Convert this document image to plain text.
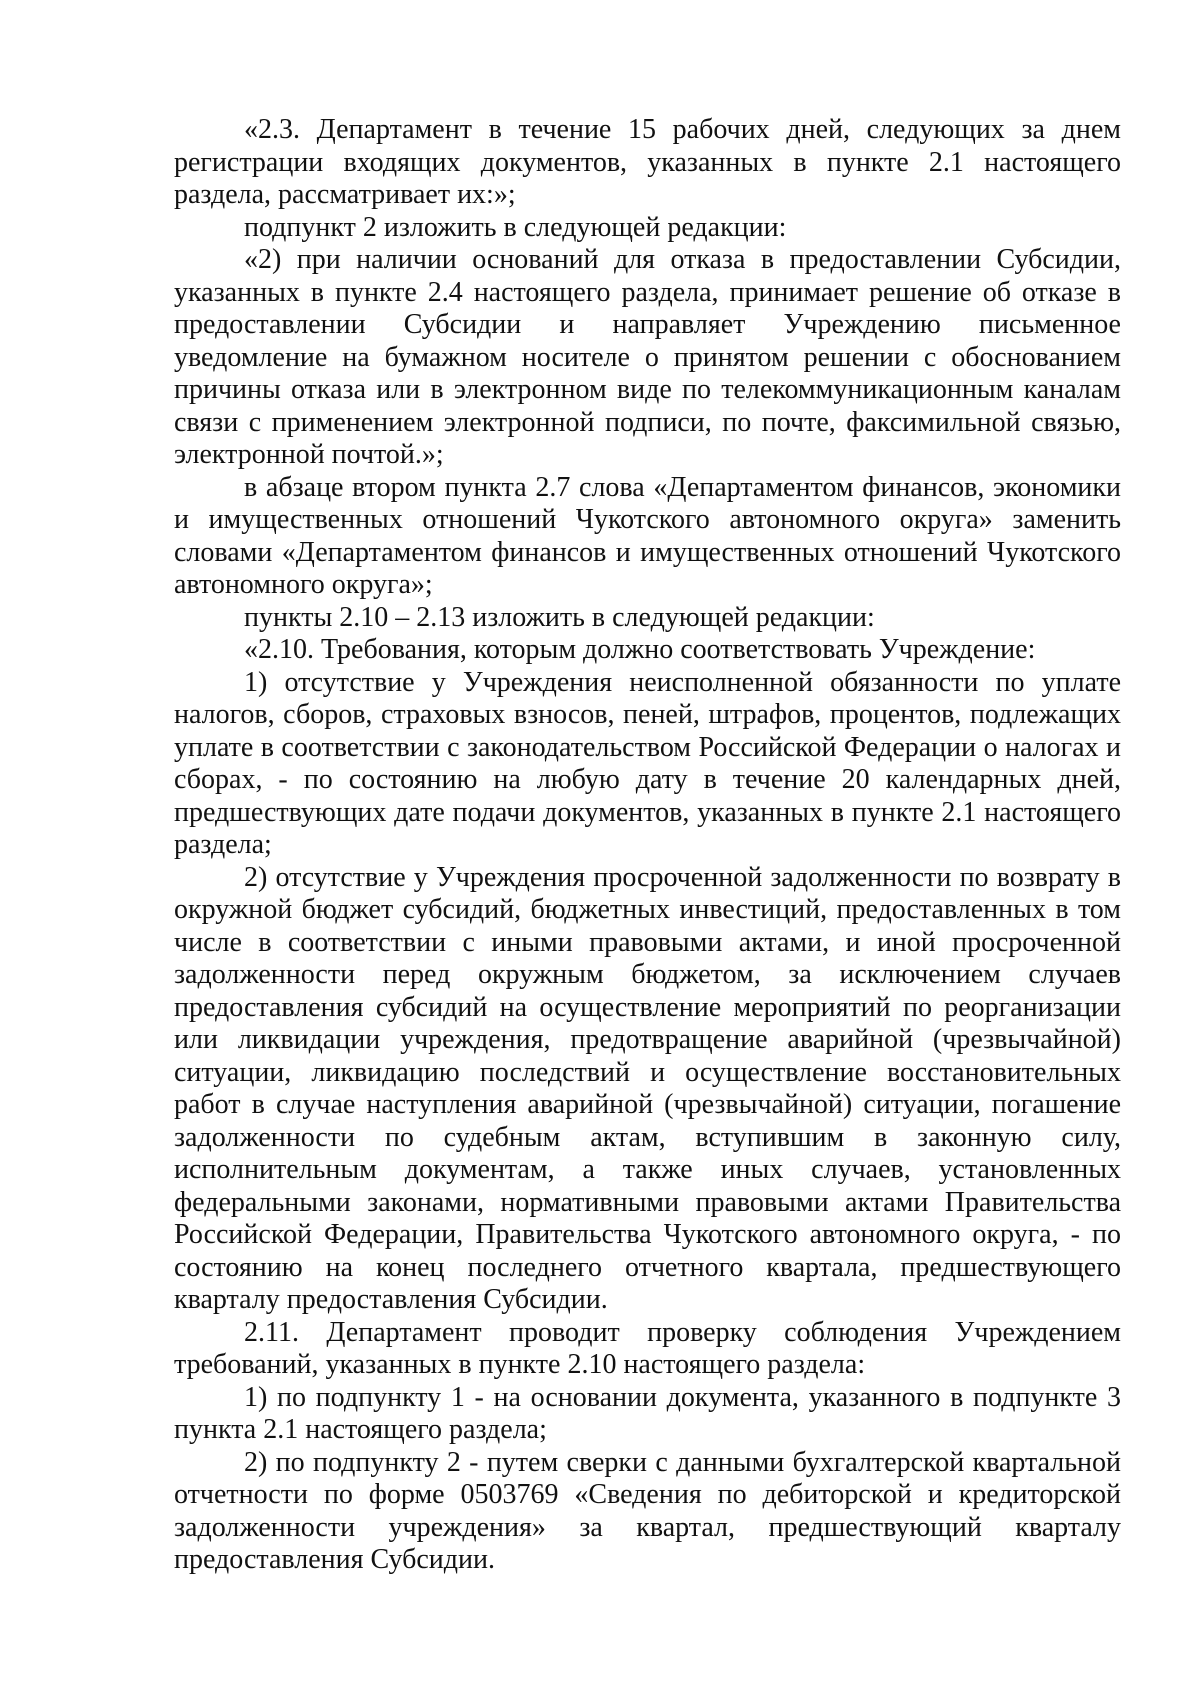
«2.3. Департамент в течение 15 рабочих дней, следующих за днем регистрации входящих документов, указанных в пункте 2.1 настоящего раздела, рассматривает их:»;

подпункт 2 изложить в следующей редакции:

«2) при наличии оснований для отказа в предоставлении Субсидии, указанных в пункте 2.4 настоящего раздела, принимает решение об отказе в предоставлении Субсидии и направляет Учреждению письменное уведомление на бумажном носителе о принятом решении с обоснованием причины отказа или в электронном виде по телекоммуникационным каналам связи с применением электронной подписи, по почте, факсимильной связью, электронной почтой.»;

в абзаце втором пункта 2.7 слова «Департаментом финансов, экономики и имущественных отношений Чукотского автономного округа» заменить словами «Департаментом финансов и имущественных отношений Чукотского автономного округа»;

пункты 2.10 – 2.13 изложить в следующей редакции:

«2.10. Требования, которым должно соответствовать Учреждение:

1) отсутствие у Учреждения неисполненной обязанности по уплате налогов, сборов, страховых взносов, пеней, штрафов, процентов, подлежащих уплате в соответствии с законодательством Российской Федерации о налогах и сборах, - по состоянию на любую дату в течение 20 календарных дней, предшествующих дате подачи документов, указанных в пункте 2.1 настоящего раздела;

2) отсутствие у Учреждения просроченной задолженности по возврату в окружной бюджет субсидий, бюджетных инвестиций, предоставленных в том числе в соответствии с иными правовыми актами, и иной просроченной задолженности перед окружным бюджетом, за исключением случаев предоставления субсидий на осуществление мероприятий по реорганизации или ликвидации учреждения, предотвращение аварийной (чрезвычайной) ситуации, ликвидацию последствий и осуществление восстановительных работ в случае наступления аварийной (чрезвычайной) ситуации, погашение задолженности по судебным актам, вступившим в законную силу, исполнительным документам, а также иных случаев, установленных федеральными законами, нормативными правовыми актами Правительства Российской Федерации, Правительства Чукотского автономного округа, - по состоянию на конец последнего отчетного квартала, предшествующего кварталу предоставления Субсидии.

2.11. Департамент проводит проверку соблюдения Учреждением требований, указанных в пункте 2.10 настоящего раздела:

1) по подпункту 1 - на основании документа, указанного в подпункте 3 пункта 2.1 настоящего раздела;

2) по подпункту 2 - путем сверки с данными бухгалтерской квартальной отчетности по форме 0503769 «Сведения по дебиторской и кредиторской задолженности учреждения» за квартал, предшествующий кварталу предоставления Субсидии.
